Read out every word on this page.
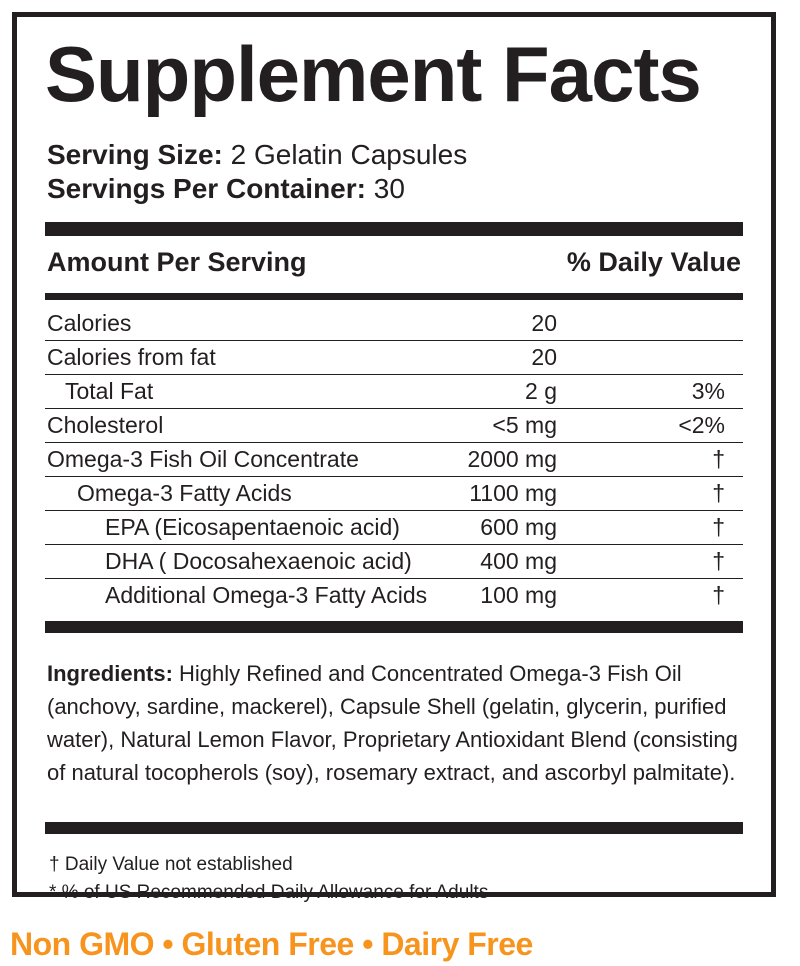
Supplement Facts
Serving Size: 2 Gelatin Capsules
Servings Per Container: 30
Amount Per Serving	% Daily Value
Calories	20
Calories from fat	20
Total Fat	2 g	3%
Cholesterol	<5 mg	<2%
Omega-3 Fish Oil Concentrate	2000 mg	†
Omega-3 Fatty Acids	1100 mg	†
EPA (Eicosapentaenoic acid)	600 mg	†
DHA ( Docosahexaenoic acid)	400 mg	†
Additional Omega-3 Fatty Acids 100 mg	†
Ingredients: Highly Refined and Concentrated Omega-3 Fish Oil (anchovy, sardine, mackerel), Capsule Shell (gelatin, glycerin, purified water), Natural Lemon Flavor, Proprietary Antioxidant Blend (consisting of natural tocopherols (soy), rosemary extract, and ascorbyl palmitate).
† Daily Value not established
* % of US Recommended Daily Allowance for Adults
Non GMO • Gluten Free • Dairy Free
